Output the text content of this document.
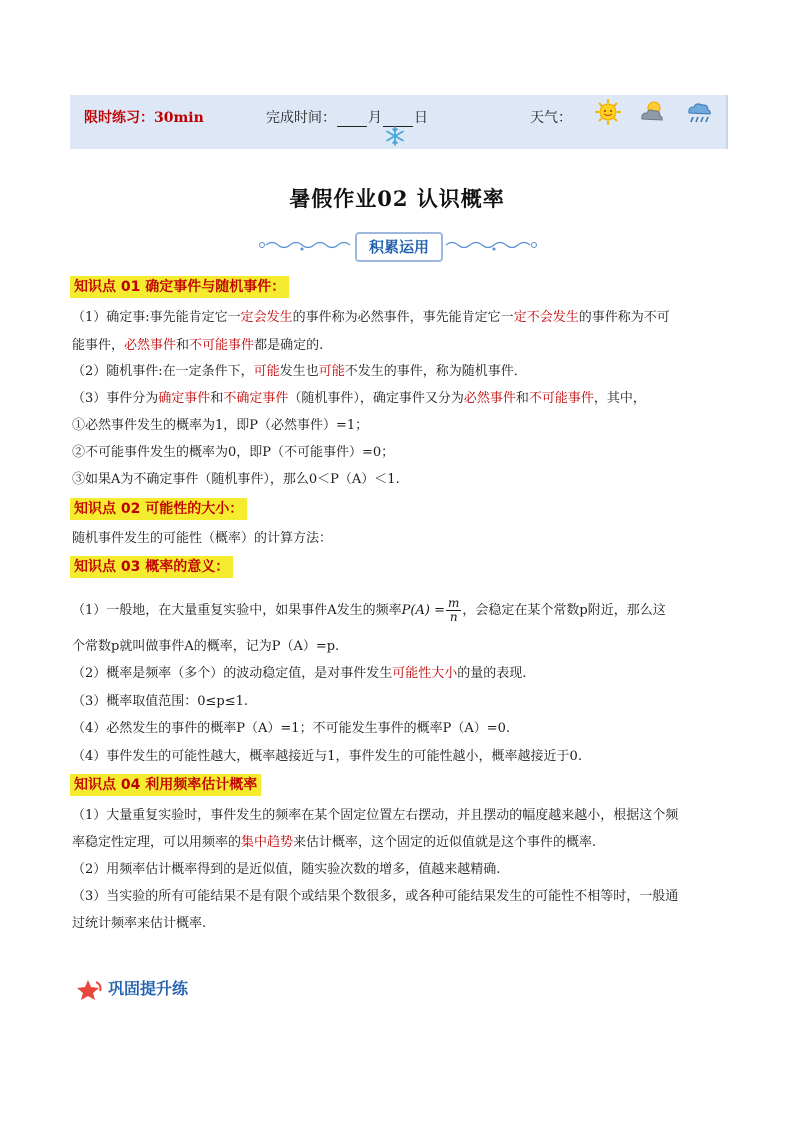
限时练习：30min	完成时间： 月 日	天气：
暑假作业02 认识概率
积累运用
知识点 01 确定事件与随机事件：
（1）确定事:事先能肯定它一定会发生的事件称为必然事件，事先能肯定它一定不会发生的事件称为不可
能事件，必然事件和不可能事件都是确定的.
（2）随机事件:在一定条件下，可能发生也可能不发生的事件，称为随机事件．
（3）事件分为确定事件和不确定事件（随机事件），确定事件又分为必然事件和不可能事件，其中，
①必然事件发生的概率为1，即P（必然事件）=1；
②不可能事件发生的概率为0，即P（不可能事件）=0；
③如果A为不确定事件（随机事件），那么0＜P（A）＜1.
知识点 02 可能性的大小：
随机事件发生的可能性（概率）的计算方法：
知识点 03 概率的意义：
（1）一般地，在大量重复实验中，如果事件A发生的频率$P(A) = \frac{m}{n}$ ，会稳定在某个常数p附近，那么这
个常数p就叫做事件A的概率，记为P（A）=p.
（2）概率是频率（多个）的波动稳定值，是对事件发生可能性大小的量的表现.
（3）概率取值范围：0≤p≤1.
（4）必然发生的事件的概率P（A）=1；不可能发生事件的概率P（A）=0.
（4）事件发生的可能性越大，概率越接近与1，事件发生的可能性越小，概率越接近于0.
知识点 04 利用频率估计概率
（1）大量重复实验时，事件发生的频率在某个固定位置左右摆动，并且摆动的幅度越来越小，根据这个频
率稳定性定理，可以用频率的集中趋势来估计概率，这个固定的近似值就是这个事件的概率.
（2）用频率估计概率得到的是近似值，随实验次数的增多，值越来越精确.
（3）当实验的所有可能结果不是有限个或结果个数很多，或各种可能结果发生的可能性不相等时，一般通
过统计频率来估计概率.
巩固提升练
